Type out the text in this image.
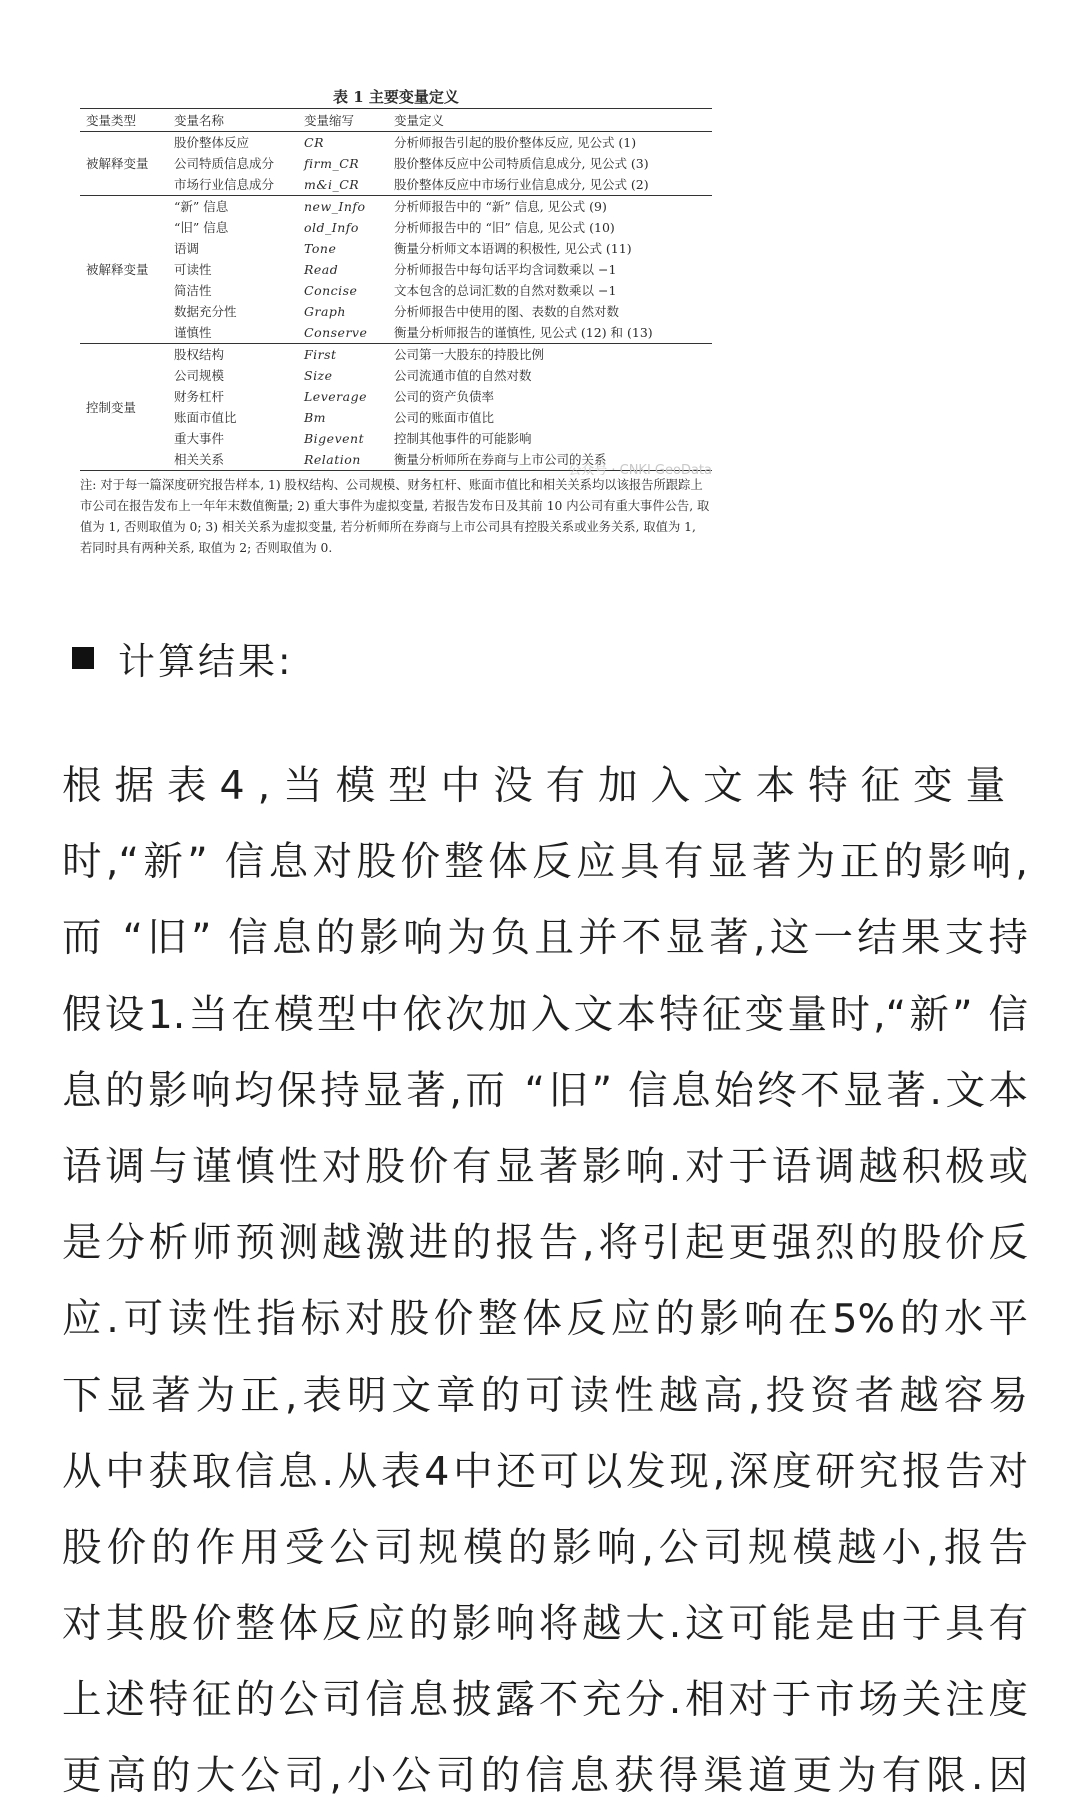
表 1 主要变量定义
变量类型	变量名称	变量缩写	变量定义
被解释变量	股价整体反应	CR	分析师报告引起的股价整体反应, 见公式 (1)
	公司特质信息成分	firm_CR	股价整体反应中公司特质信息成分, 见公式 (3)
	市场行业信息成分	m&i_CR	股价整体反应中市场行业信息成分, 见公式 (2)
被解释变量	“新” 信息	new_Info	分析师报告中的 “新” 信息, 见公式 (9)
	“旧” 信息	old_Info	分析师报告中的 “旧” 信息, 见公式 (10)
	语调	Tone	衡量分析师文本语调的积极性, 见公式 (11)
	可读性	Read	分析师报告中每句话平均含词数乘以 −1
	简洁性	Concise	文本包含的总词汇数的自然对数乘以 −1
	数据充分性	Graph	分析师报告中使用的图、表数的自然对数
	谨慎性	Conserve	衡量分析师报告的谨慎性, 见公式 (12) 和 (13)
控制变量	股权结构	First	公司第一大股东的持股比例
	公司规模	Size	公司流通市值的自然对数
	财务杠杆	Leverage	公司的资产负债率
	账面市值比	Bm	公司的账面市值比
	重大事件	Bigevent	控制其他事件的可能影响
	相关关系	Relation	衡量分析师所在券商与上市公司的关系
注: 对于每一篇深度研究报告样本, 1) 股权结构、公司规模、财务杠杆、账面市值比和相关关系均以该报告所跟踪上市公司在报告发布上一年年末数值衡量; 2) 重大事件为虚拟变量, 若报告发布日及其前 10 内公司有重大事件公告, 取值为 1, 否则取值为 0; 3) 相关关系为虚拟变量, 若分析师所在券商与上市公司具有控股关系或业务关系, 取值为 1, 若同时具有两种关系, 取值为 2; 否则取值为 0.
公众号 · CNKI GeoData
计算结果:
根据表4,当模型中没有加入文本特征变量
时,“新” 信息对股价整体反应具有显著为正的影响,
而 “旧” 信息的影响为负且并不显著,这一结果支持
假设1.当在模型中依次加入文本特征变量时,“新” 信
息的影响均保持显著,而 “旧” 信息始终不显著.文本
语调与谨慎性对股价有显著影响.对于语调越积极或
是分析师预测越激进的报告,将引起更强烈的股价反
应.可读性指标对股价整体反应的影响在5%的水平
下显著为正,表明文章的可读性越高,投资者越容易
从中获取信息.从表4中还可以发现,深度研究报告对
股价的作用受公司规模的影响,公司规模越小,报告
对其股价整体反应的影响将越大.这可能是由于具有
上述特征的公司信息披露不充分.相对于市场关注度
更高的大公司,小公司的信息获得渠道更为有限.因
